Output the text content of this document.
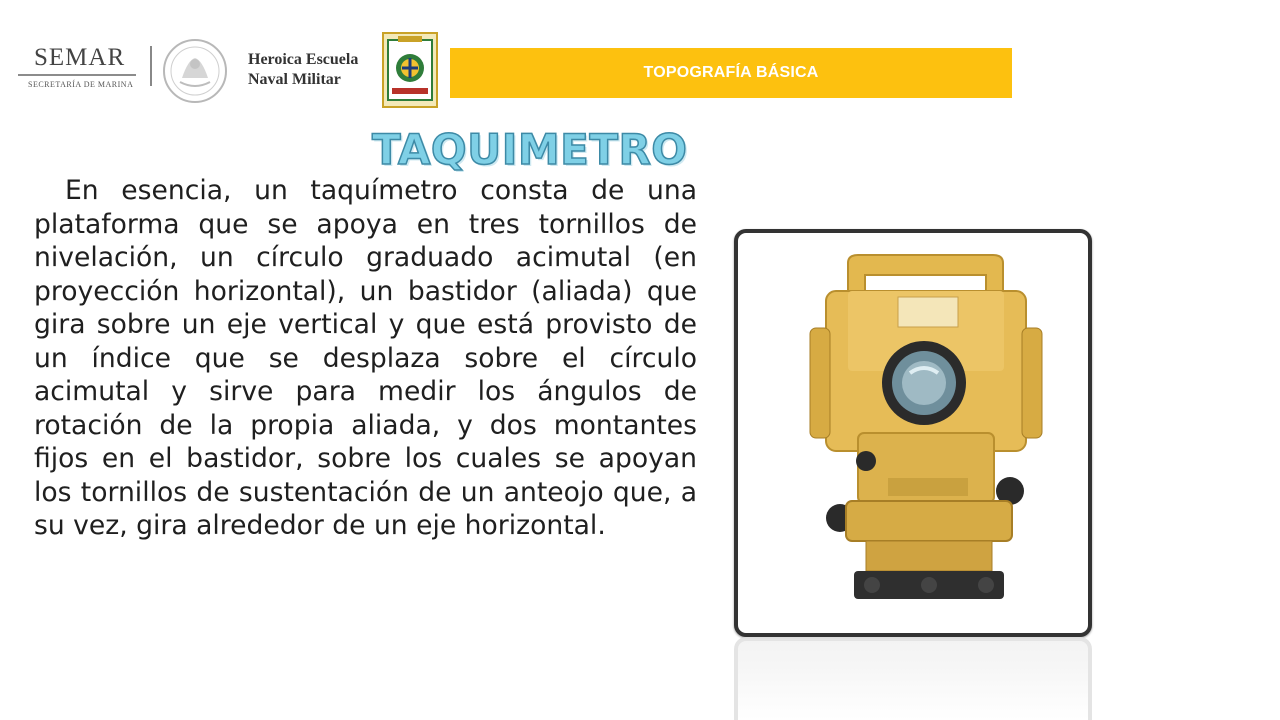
SEMAR
SECRETARÍA DE MARINA
Heroica Escuela
Naval Militar	TOPOGRAFÍA BÁSICA
TAQUIMETRO
En esencia, un taquímetro consta de una plataforma que se apoya en tres tornillos de nivelación, un círculo graduado acimutal (en proyección horizontal), un bastidor (aliada) que gira sobre un eje vertical y que está provisto de un índice que se desplaza sobre el círculo acimutal y sirve para medir los ángulos de rotación de la propia aliada, y dos montantes fijos en el bastidor, sobre los cuales se apoyan los tornillos de sustentación de un anteojo que, a su vez, gira alrededor de un eje horizontal.
